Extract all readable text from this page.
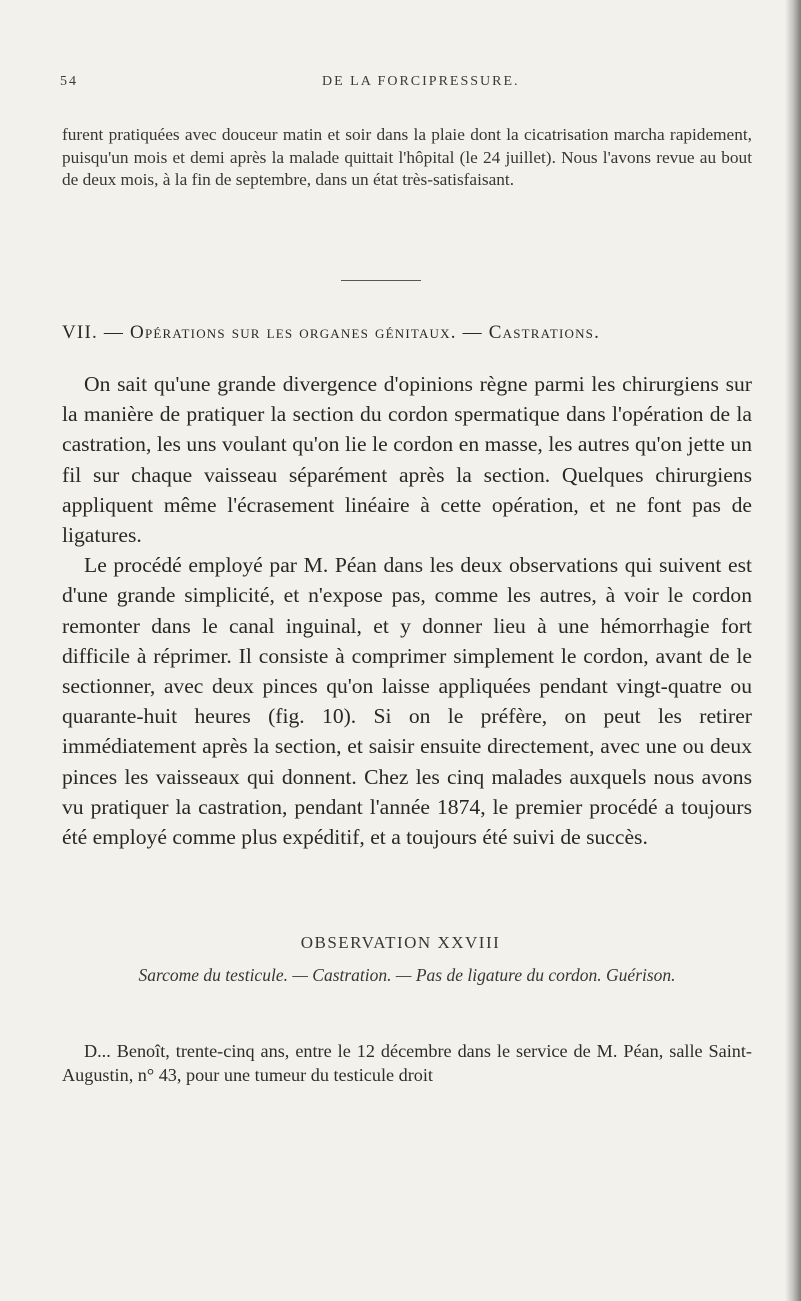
54	DE LA FORCIPRESSURE.
furent pratiquées avec douceur matin et soir dans la plaie dont la cicatrisation marcha rapidement, puisqu'un mois et demi après la malade quittait l'hôpital (le 24 juillet). Nous l'avons revue au bout de deux mois, à la fin de septembre, dans un état très-satisfaisant.
VII. — Opérations sur les organes génitaux. — Castrations.

On sait qu'une grande divergence d'opinions règne parmi les chirurgiens sur la manière de pratiquer la section du cordon spermatique dans l'opération de la castration, les uns voulant qu'on lie le cordon en masse, les autres qu'on jette un fil sur chaque vaisseau séparément après la section. Quelques chirurgiens appliquent même l'écrasement linéaire à cette opération, et ne font pas de ligatures.

Le procédé employé par M. Péan dans les deux observations qui suivent est d'une grande simplicité, et n'expose pas, comme les autres, à voir le cordon remonter dans le canal inguinal, et y donner lieu à une hémorrhagie fort difficile à réprimer. Il consiste à comprimer simplement le cordon, avant de le sectionner, avec deux pinces qu'on laisse appliquées pendant vingt-quatre ou quarante-huit heures (fig. 10). Si on le préfère, on peut les retirer immédiatement après la section, et saisir ensuite directement, avec une ou deux pinces les vaisseaux qui donnent. Chez les cinq malades auxquels nous avons vu pratiquer la castration, pendant l'année 1874, le premier procédé a toujours été employé comme plus expéditif, et a toujours été suivi de succès.

OBSERVATION XXVIII
Sarcome du testicule. — Castration. — Pas de ligature du cordon. Guérison.

D... Benoît, trente-cinq ans, entre le 12 décembre dans le service de M. Péan, salle Saint-Augustin, n° 43, pour une tumeur du testicule droit
